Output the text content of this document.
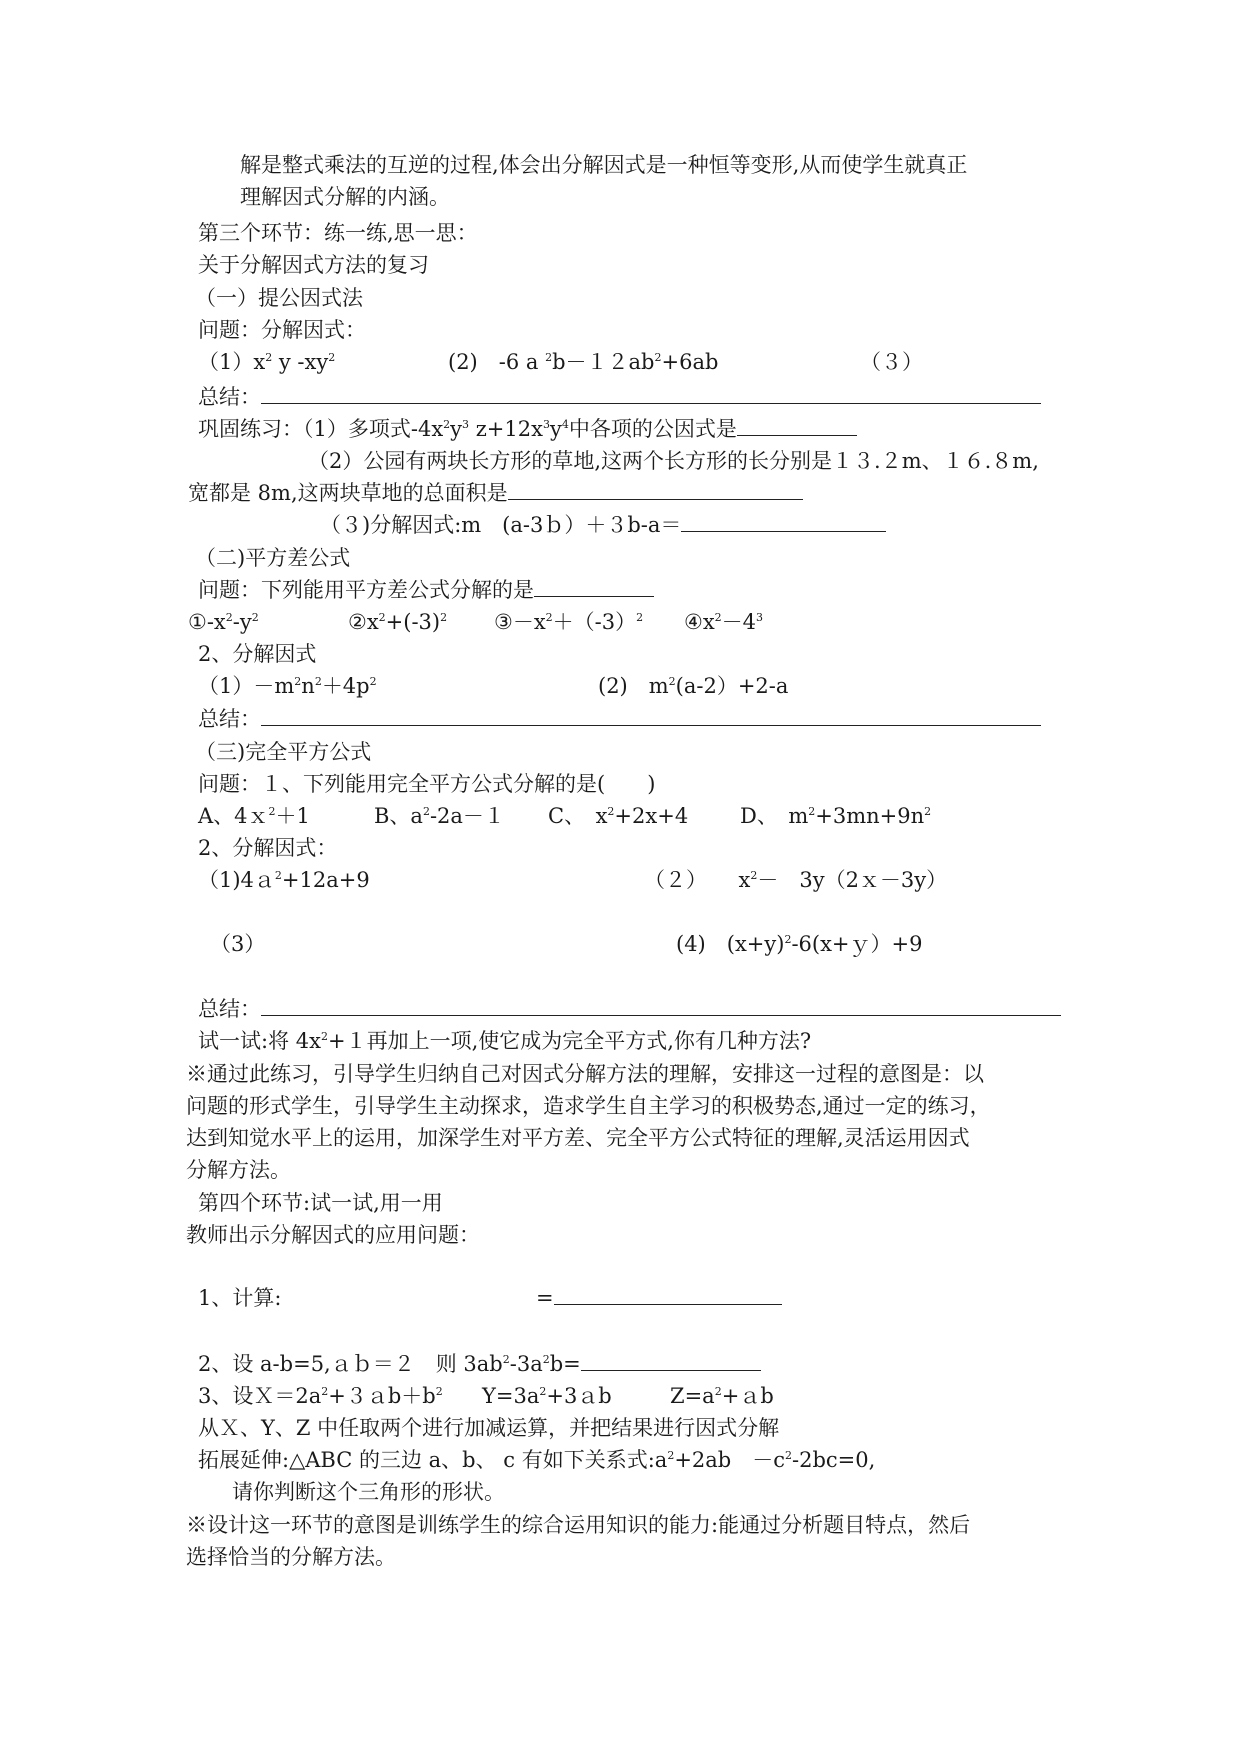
解是整式乘法的互逆的过程,体会出分解因式是一种恒等变形,从而使学生就真正
理解因式分解的内涵。
第三个环节：练一练,思一思：
关于分解因式方法的复习
（一）提公因式法
问题：分解因式：
$(1)x^2$ y $-xy^2$	(2)　-6 a $^2b-12ab^2+6ab$	（３）
总结：
巩固练习：（1）多项式$-4x^2y^3$ $z+12x^3y^4$中各项的公因式是
（2）公园有两块长方形的草地,这两个长方形的长分别是１３.２m、１６.８m,
宽都是 8m,这两块草地的总面积是
（３)分解因式:m　(a-3ｂ）＋３b-a＝
（二)平方差公式
问题：下列能用平方差公式分解的是
$①-x^2-y^2$	$②x^2+(-3)^2$ $③-x^2+(-3)^2$ $④x^2-4^3$
2、分解因式
$(1)-m^2n^2+4p^2$	(2)　$m^2(a-2)+2-a$
总结：
（三)完全平方公式
问题：１、下列能用完全平方公式分解的是(　　)
A、4ｘ$^2$＋1	B、$a^2-2a-1$ C、　$x^2+2x+4$ D、　$m^2+3mn+9n^2$
2、分解因式：
（1)4ａ$^2$+12a+9	（２）　　$x^2-$　3y（2ｘ－3y）
（3）	(4)　$(x+y)^2-6(x+y)+9$
总结：
试一试:将 $4x^2+1$再加上一项,使它成为完全平方式,你有几种方法?
※通过此练习，引导学生归纳自己对因式分解方法的理解，安排这一过程的意图是：以
问题的形式学生，引导学生主动探求，造求学生自主学习的积极势态,通过一定的练习，
达到知觉水平上的运用，加深学生对平方差、完全平方公式特征的理解,灵活运用因式
分解方法。
第四个环节:试一试,用一用
教师出示分解因式的应用问题：
1、计算:	=
2、设 a-b=5,ａｂ＝２　则 $3ab^2-3a^2b=$
3、设$X=2a^2+3ab+b^2$ $Y=3a^2+3ab$	$Z=a^2+ab$
从Ｘ、Y、Z 中任取两个进行加减运算，并把结果进行因式分解
拓展延伸:△ABC 的三边 a、b、 c 有如下关系式$:a^2+2ab$　$-c^2-2bc=0$,
请你判断这个三角形的形状。
※设计这一环节的意图是训练学生的综合运用知识的能力:能通过分析题目特点，然后
选择恰当的分解方法。
